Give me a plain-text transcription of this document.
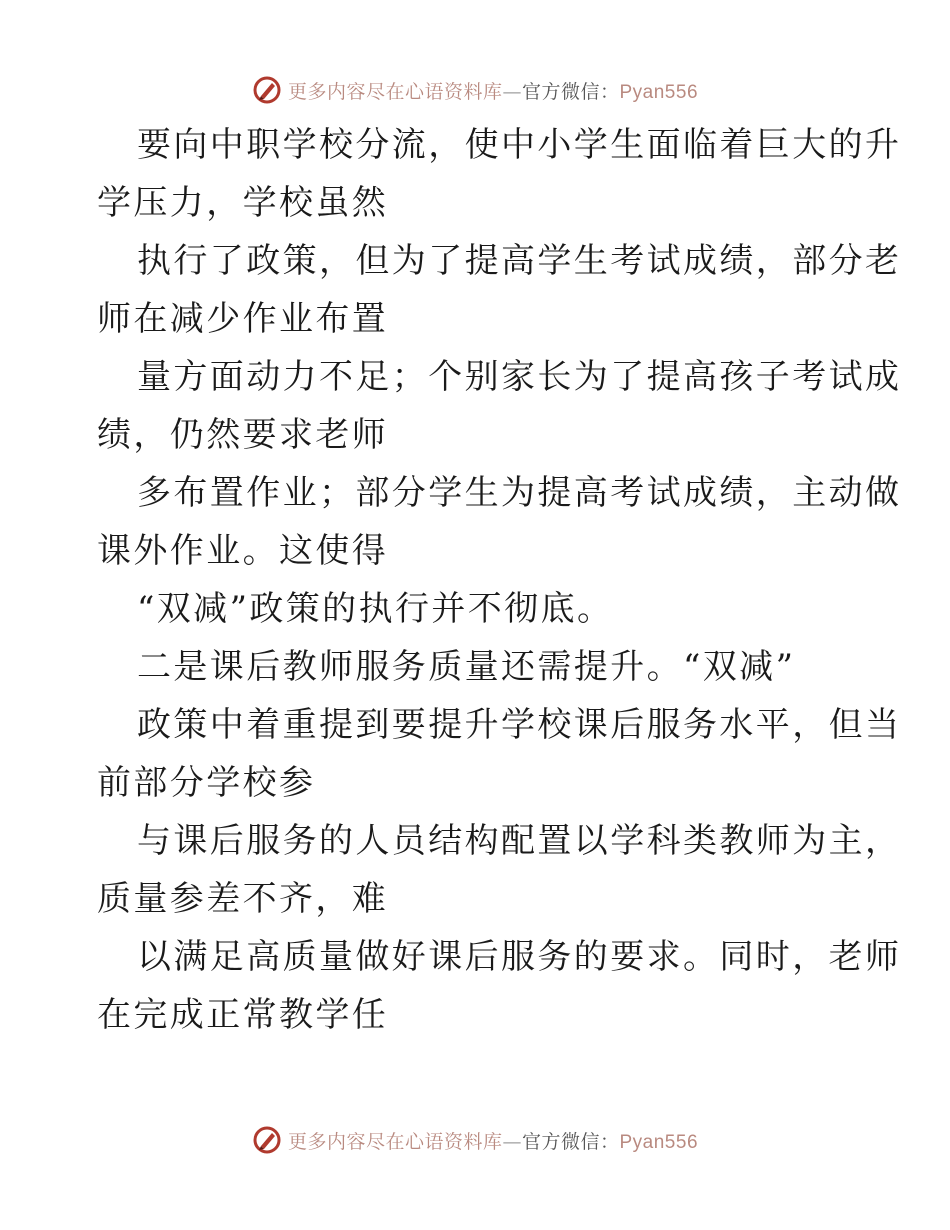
更多内容尽在心语资料库—官方微信：Pyan556
要向中职学校分流，使中小学生面临着巨大的升
学压力，学校虽然
执行了政策，但为了提高学生考试成绩，部分老
师在减少作业布置
量方面动力不足；个别家长为了提高孩子考试成
绩，仍然要求老师
多布置作业；部分学生为提高考试成绩，主动做
课外作业。这使得
“双减”政策的执行并不彻底。
二是课后教师服务质量还需提升。“双减”
政策中着重提到要提升学校课后服务水平，但当
前部分学校参
与课后服务的人员结构配置以学科类教师为主，
质量参差不齐，难
以满足高质量做好课后服务的要求。同时，老师
在完成正常教学任
更多内容尽在心语资料库—官方微信：Pyan556
